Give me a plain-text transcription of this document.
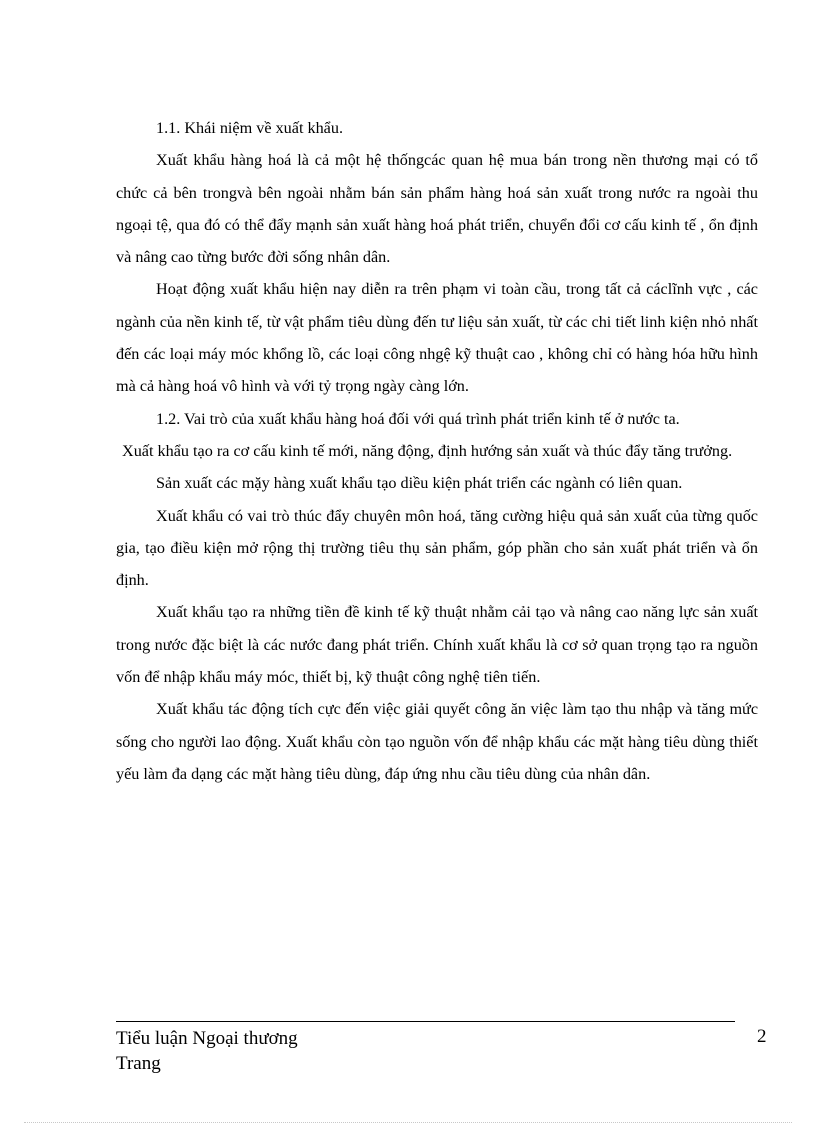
1.1. Khái niệm về xuất khẩu.

Xuất khẩu hàng hoá là cả một hệ thốngcác quan hệ mua bán trong nền thương mại có tổ chức cả bên trongvà bên ngoài nhằm bán sản phẩm hàng hoá sản xuất trong nước ra ngoài thu ngoại tệ, qua đó có thể đẩy mạnh sản xuất hàng hoá phát triển, chuyển đổi cơ cấu kinh tế , ổn định và nâng cao từng bước đời sống nhân dân.

Hoạt động xuất khẩu hiện nay diễn ra trên phạm vi toàn cầu, trong tất cả cáclĩnh vực , các ngành của nền kinh tế, từ vật phẩm tiêu dùng đến tư liệu sản xuất, từ các chi tiết linh kiện nhỏ nhất đến các loại máy móc khổng lồ, các loại công nhgệ kỹ thuật cao , không chỉ có hàng hóa hữu hình mà cả hàng hoá vô hình và với tỷ trọng ngày càng lớn.

1.2. Vai trò của xuất khẩu hàng hoá đối với quá trình phát triển kinh tế ở nước ta.

Xuất khẩu tạo ra cơ cấu kinh tế mới, năng động, định hướng sản xuất và thúc đẩy tăng trưởng.

Sản xuất các mặy hàng xuất khẩu tạo diều kiện phát triển các ngành có liên quan.

Xuất khẩu có vai trò thúc đẩy chuyên môn hoá, tăng cường hiệu quả sản xuất của từng quốc gia, tạo điều kiện mở rộng thị trường tiêu thụ sản phẩm, góp phần cho sản xuất phát triển và ổn định.

Xuất khẩu tạo ra những tiền đề kinh tế kỹ thuật nhằm cải tạo và nâng cao năng lực sản xuất trong nước đặc biệt là các nước đang phát triển. Chính xuất khẩu là cơ sở quan trọng tạo ra nguồn vốn để nhập khẩu máy móc, thiết bị, kỹ thuật công nghệ tiên tiến.

Xuất khẩu tác động tích cực đến việc giải quyết công ăn việc làm tạo thu nhập và tăng mức sống cho người lao động. Xuất khẩu còn tạo nguồn vốn để nhập khẩu các mặt hàng tiêu dùng thiết yếu làm đa dạng các mặt hàng tiêu dùng, đáp ứng nhu cầu tiêu dùng của nhân dân.

Tiểu luận Ngoại thương
Trang
2
